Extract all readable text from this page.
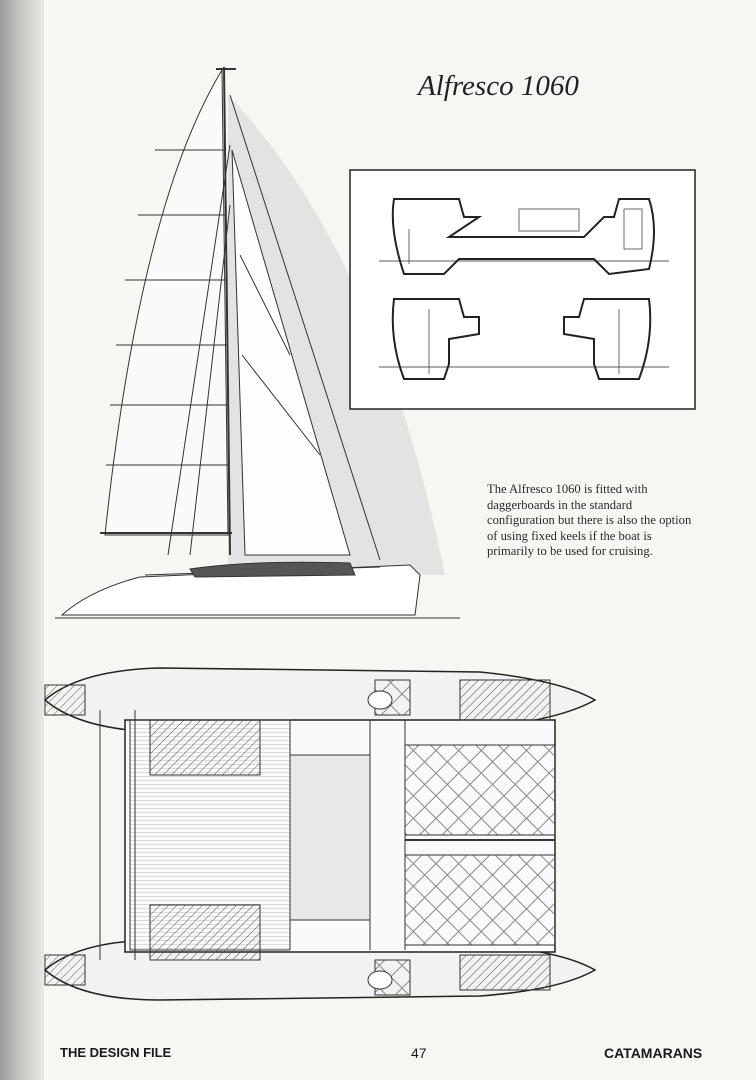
Alfresco 1060
The Alfresco 1060 is fitted with daggerboards in the standard configuration but there is also the option of using fixed keels if the boat is primarily to be used for cruising.
THE DESIGN FILE	47	CATAMARANS
